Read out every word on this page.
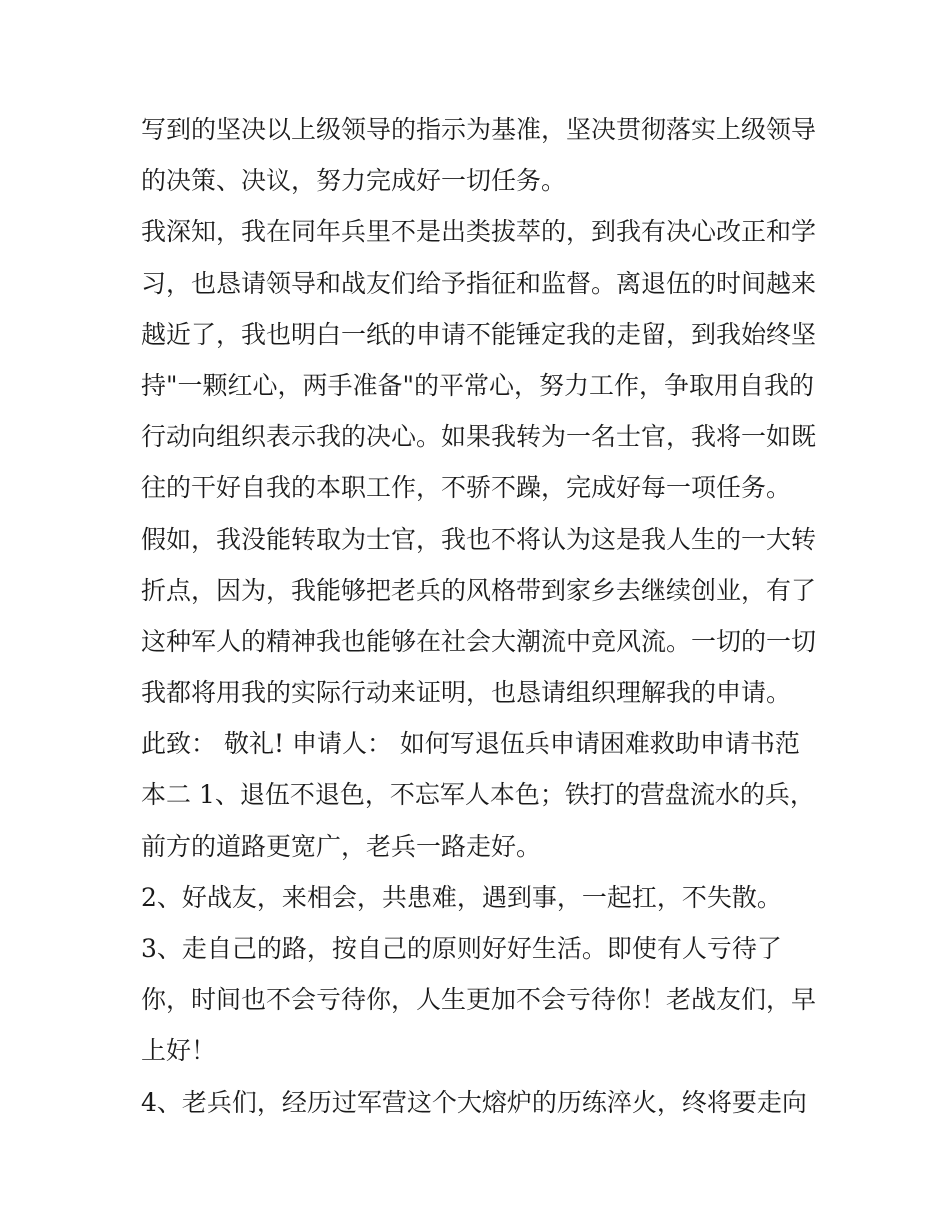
写到的坚决以上级领导的指示为基准，坚决贯彻落实上级领导

的决策、决议，努力完成好一切任务。

我深知，我在同年兵里不是出类拔萃的，到我有决心改正和学

习，也恳请领导和战友们给予指征和监督。离退伍的时间越来

越近了，我也明白一纸的申请不能锤定我的走留，到我始终坚

持"一颗红心，两手准备"的平常心，努力工作，争取用自我的

行动向组织表示我的决心。如果我转为一名士官，我将一如既

往的干好自我的本职工作，不骄不躁，完成好每一项任务。

假如，我没能转取为士官，我也不将认为这是我人生的一大转

折点，因为，我能够把老兵的风格带到家乡去继续创业，有了

这种军人的精神我也能够在社会大潮流中竞风流。一切的一切

我都将用我的实际行动来证明，也恳请组织理解我的申请。

此致： 敬礼! 申请人： 如何写退伍兵申请困难救助申请书范

本二 1、退伍不退色，不忘军人本色；铁打的营盘流水的兵，

前方的道路更宽广，老兵一路走好。

2、好战友，来相会，共患难，遇到事，一起扛，不失散。

3、走自己的路，按自己的原则好好生活。即使有人亏待了

你，时间也不会亏待你，人生更加不会亏待你！老战友们，早

上好！

4、老兵们，经历过军营这个大熔炉的历练淬火，终将要走向
